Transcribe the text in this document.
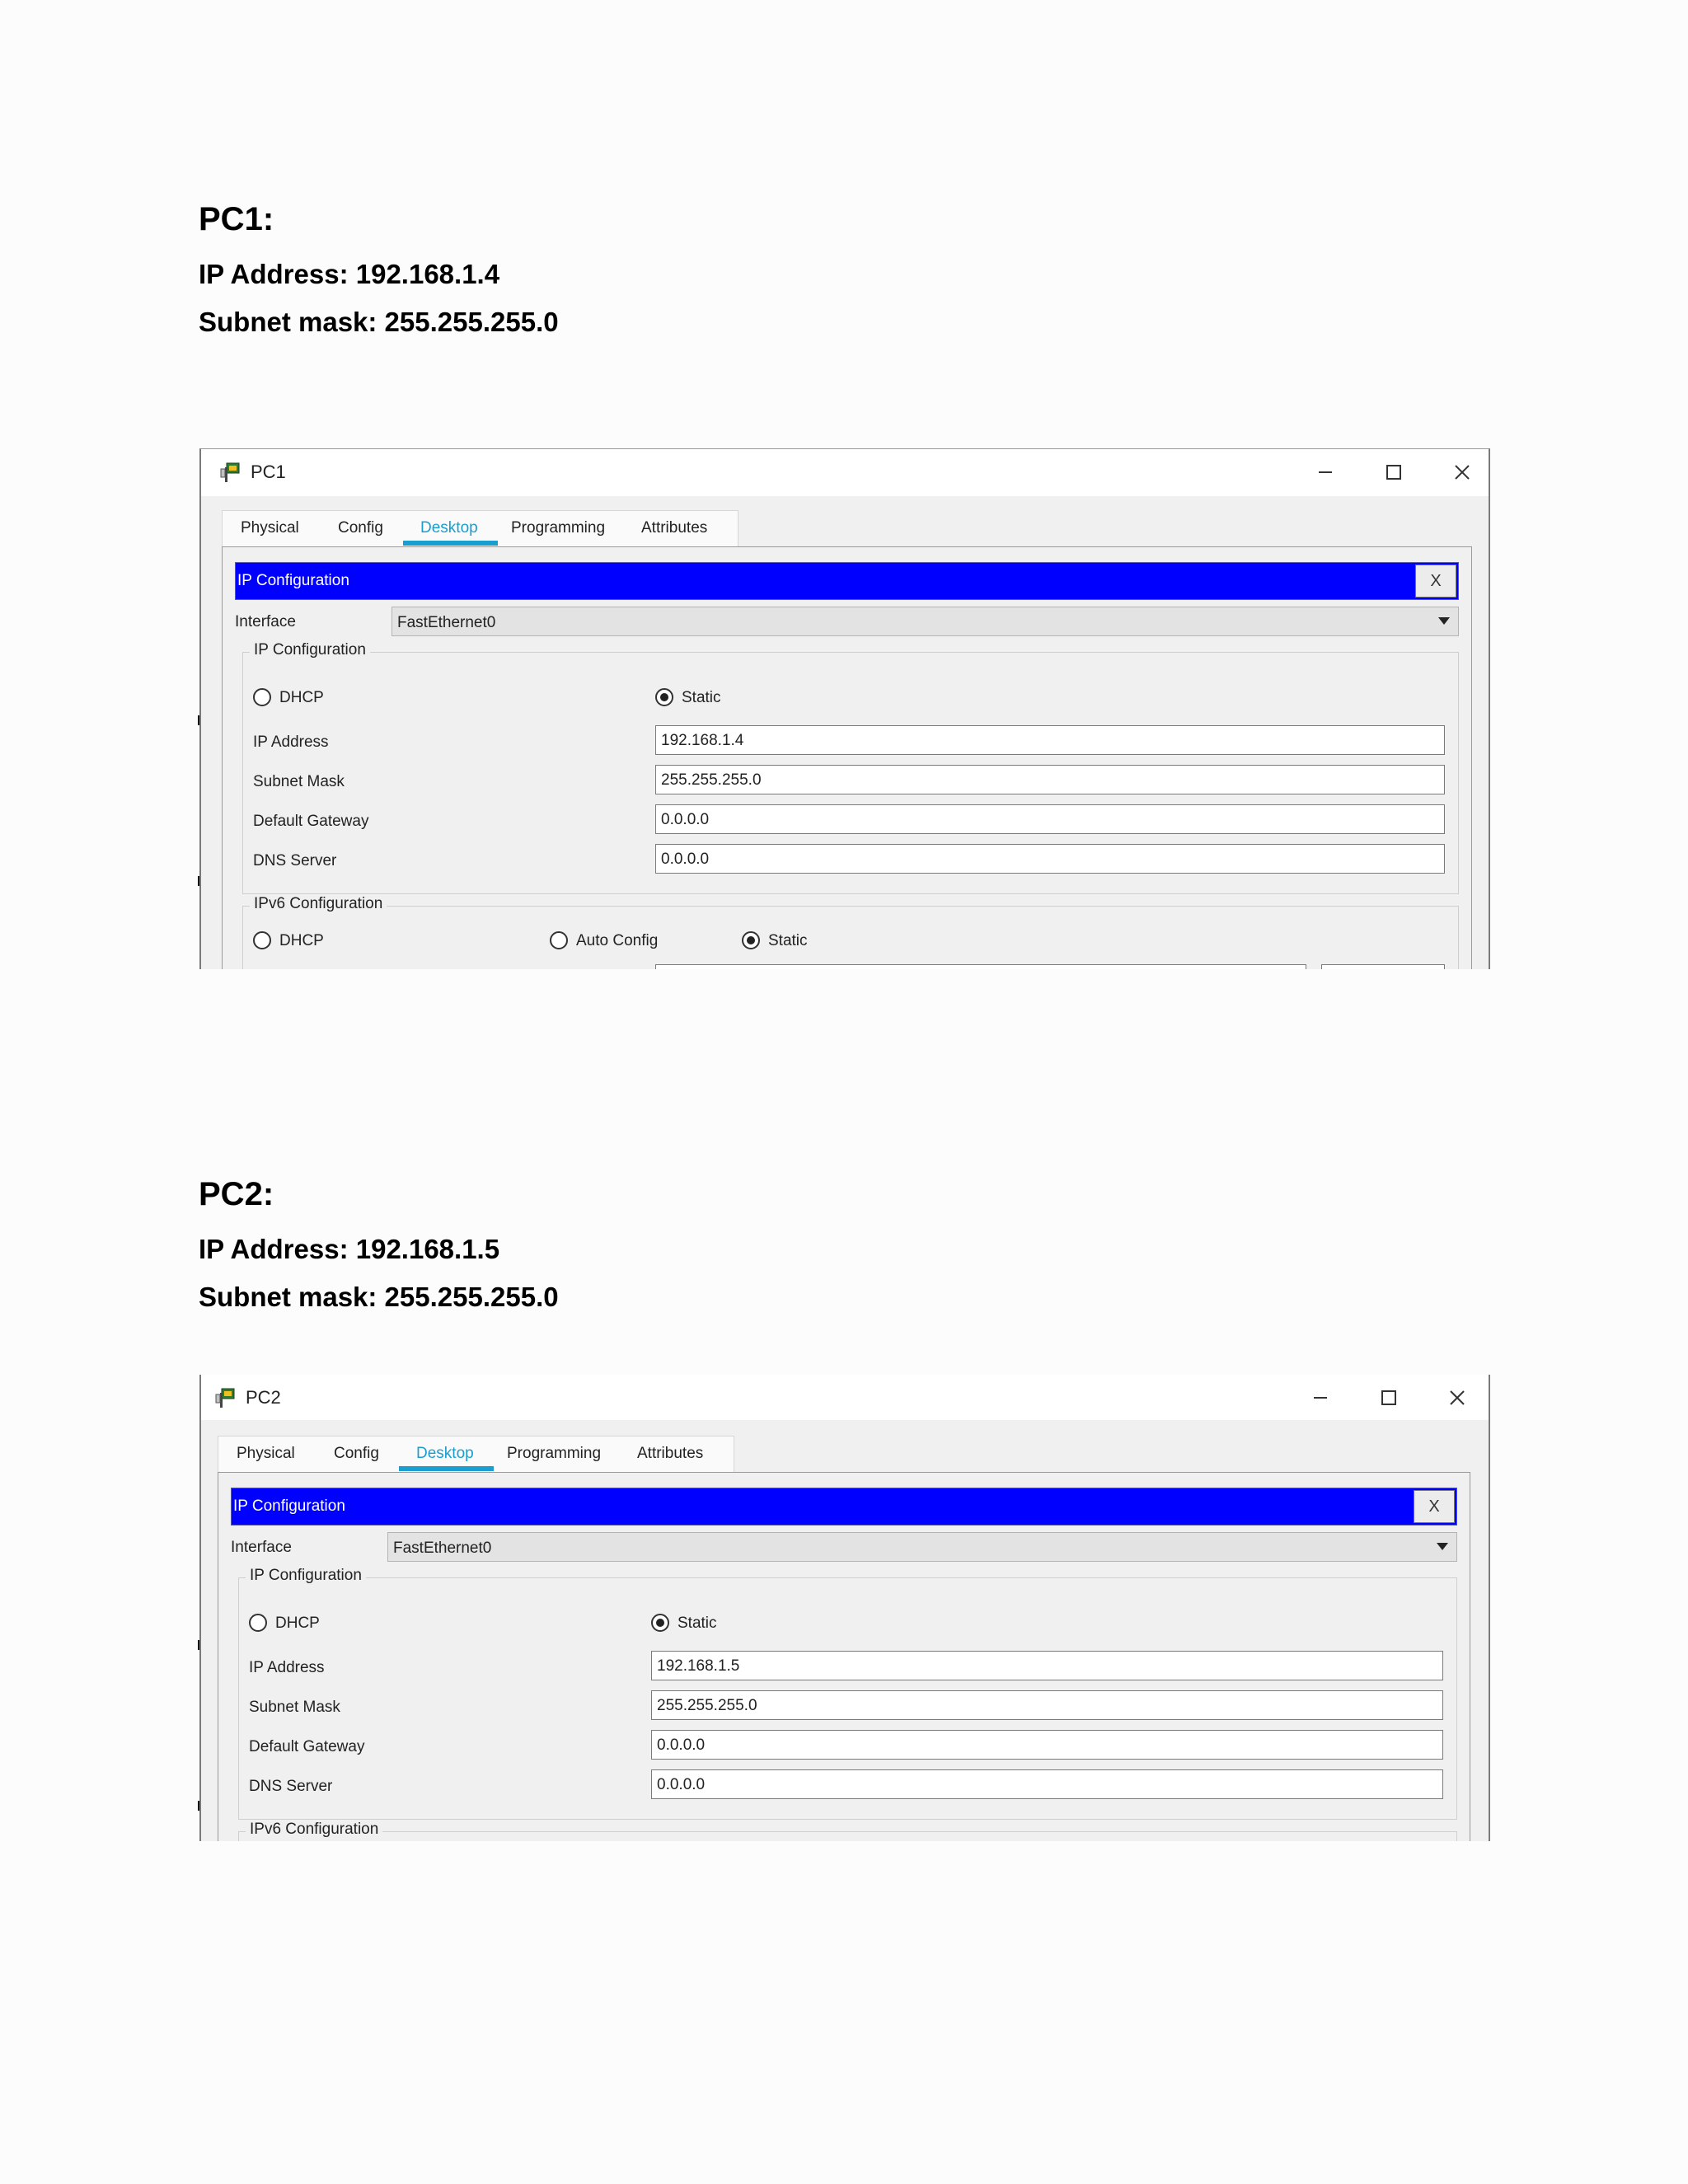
PC1:
IP Address: 192.168.1.4
Subnet mask: 255.255.255.0
PC1
Physical Config Desktop Programming Attributes
IP Configuration	X
Interface	FastEthernet0
IP Configuration
DHCP	Static
IP Address	192.168.1.4
Subnet Mask	255.255.255.0
Default Gateway	0.0.0.0
DNS Server	0.0.0.0
IPv6 Configuration
DHCP	Auto Config	Static
PC2:
IP Address: 192.168.1.5
Subnet mask: 255.255.255.0
PC2
Physical Config Desktop Programming Attributes
IP Configuration	X
Interface	FastEthernet0
IP Configuration
DHCP	Static
IP Address	192.168.1.5
Subnet Mask	255.255.255.0
Default Gateway	0.0.0.0
DNS Server	0.0.0.0
IPv6 Configuration
